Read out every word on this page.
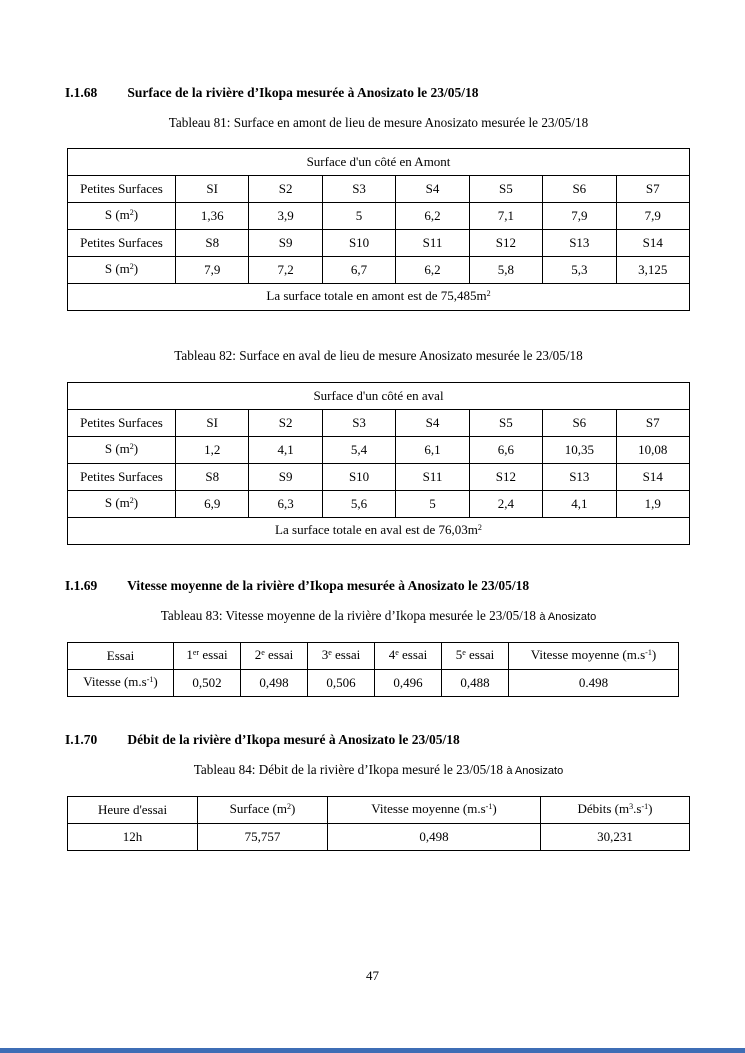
I.1.68 Surface de la rivière d’Ikopa mesurée à Anosizato le 23/05/18
Tableau 81: Surface en amont de lieu de mesure Anosizato mesurée le 23/05/18
Surface d'un côté en Amont							
Petites Surfaces	SI	S2	S3	S4	S5	S6	S7
S $(m^2)$	1,36	3,9	5	6,2	7,1	7,9	7,9
Petites Surfaces	S8	S9	S10	S11	S12	S13	S14
S $(m^2)$	7,9	7,2	6,7	6,2	5,8	5,3	3,125
La surface totale en amont est de $75,485m^2$
Tableau 82: Surface en aval de lieu de mesure Anosizato mesurée le 23/05/18
Surface d'un côté en aval							
Petites Surfaces	SI	S2	S3	S4	S5	S6	S7
S $(m^2)$	1,2	4,1	5,4	6,1	6,6	10,35	10,08
Petites Surfaces	S8	S9	S10	S11	S12	S13	S14
S $(m^2)$	6,9	6,3	5,6	5	2,4	4,1	1,9
La surface totale en aval est de $76,03m^2$
I.1.69 Vitesse moyenne de la rivière d’Ikopa mesurée à Anosizato le 23/05/18
Tableau 83: Vitesse moyenne de la rivière d’Ikopa mesurée le 23/05/18 à Anosizato
Essai	1er essai	2e essai	3e essai	4e essai	5e essai	Vitesse moyenne $(m.s^{-1})$
Vitesse $(m.s^{-1})$	0,502	0,498	0,506	0,496	0,488	0.498
I.1.70 Débit de la rivière d’Ikopa mesuré à Anosizato le 23/05/18
Tableau 84: Débit de la rivière d’Ikopa mesuré le 23/05/18 à Anosizato
Heure d'essai	Surface $(m^2)$	Vitesse moyenne $(m.s^{-1})$	Débits $(m^3.s^{-1})$
12h	75,757	0,498	30,231
47
